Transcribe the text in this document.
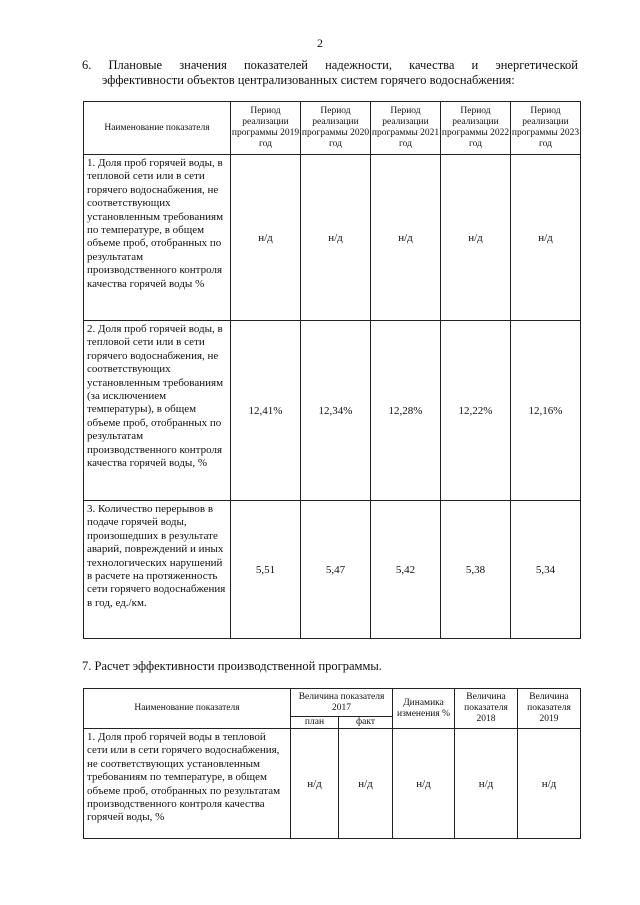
2
6. Плановые значения показателей надежности, качества и энергетической
эффективности объектов централизованных систем горячего водоснабжения:
Наименование показателя	Период реализации программы 2019 год	Период реализации программы 2020 год	Период реализации программы 2021 год	Период реализации программы 2022 год	Период реализации программы 2023 год
1. Доля проб горячей воды, в тепловой сети или в сети горячего водоснабжения, не соответствующих установленным требованиям по температуре, в общем объеме проб, отобранных по результатам производственного контроля качества горячей воды %	н/д	н/д	н/д	н/д	н/д
2. Доля проб горячей воды, в тепловой сети или в сети горячего водоснабжения, не соответствующих установленным требованиям (за исключением температуры), в общем объеме проб, отобранных по результатам производственного контроля качества горячей воды, %	12,41%	12,34%	12,28%	12,22%	12,16%
3. Количество перерывов в подаче горячей воды, произошедших в результате аварий, повреждений и иных технологических нарушений в расчете на протяженность сети горячего водоснабжения в год, ед./км.	5,51	5,47	5,42	5,38	5,34
7. Расчет эффективности производственной программы.
Наименование показателя	Величина показателя 2017		Динамика изменения %	Величина показателя 2018	Величина показателя 2019
	план	факт			
1. Доля проб горячей воды в тепловой сети или в сети горячего водоснабжения, не соответствующих установленным требованиям по температуре, в общем объеме проб, отобранных по результатам производственного контроля качества горячей воды, %	н/д	н/д	н/д	н/д	н/д
